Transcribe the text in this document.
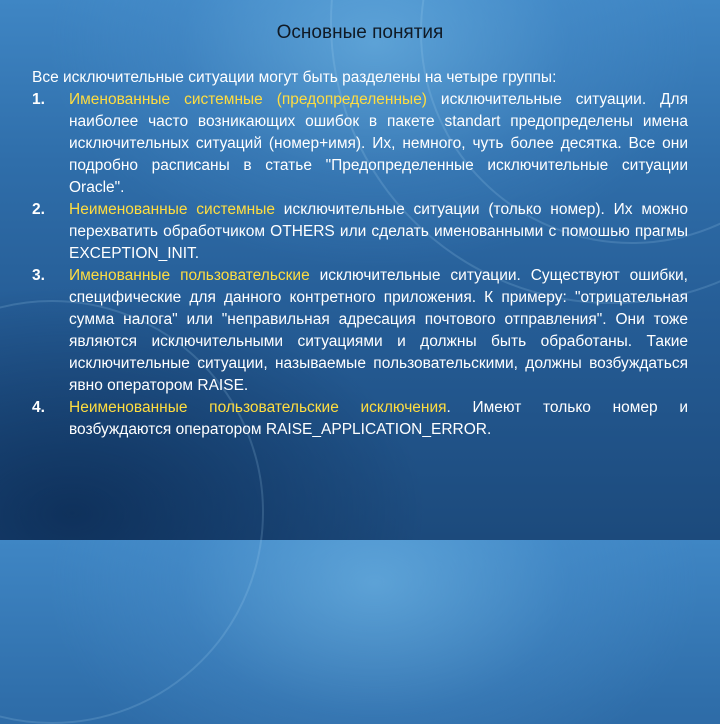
Основные понятия

Все исключительные ситуации могут быть разделены на четыре группы:

1. Именованные системные (предопределенные) исключительные ситуации. Для наиболее часто возникающих ошибок в пакете standart предопределены имена исключительных ситуаций (номер+имя). Их, немного, чуть более десятка. Все они подробно расписаны в статье "Предопределенные исключительные ситуации Oracle".
2. Неименованные системные исключительные ситуации (только номер). Их можно перехватить обработчиком OTHERS или сделать именованными с помошью прагмы EXCEPTION_INIT.
3. Именованные пользовательские исключительные ситуации. Существуют ошибки, специфические для данного контретного приложения. К примеру: "отрицательная сумма налога" или "неправильная адресация почтового отправления". Они тоже являются исключительными ситуациями и должны быть обработаны. Такие исключительные ситуации, называемые пользовательскими, должны возбуждаться явно оператором RAISE.
4. Неименованные пользовательские исключения. Имеют только номер и возбуждаются оператором RAISE_APPLICATION_ERROR.
